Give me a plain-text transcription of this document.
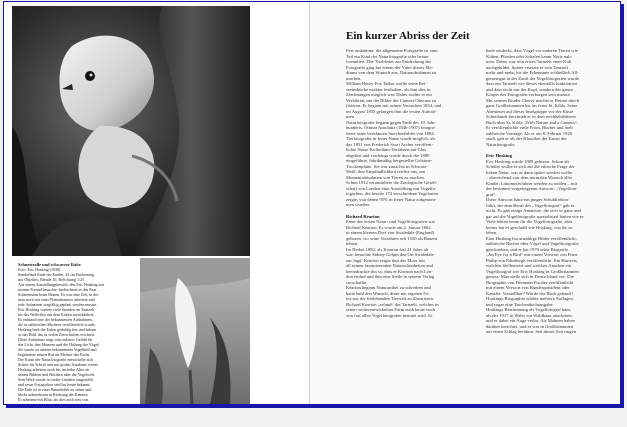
Schneetrolle und schwarzer Rabe
Foto: Eric Hosking (1938)
Sunderland Ende der Knöbe, 22 cm Entfernung
mit Objektiv, Blende 16, Belichtung 1/25
Auf einem Ausstellungsbesuch, den Eric Hosking mit
seinem Freund besuchte, beobachtete er das Paar
Schneeeulen beim Brüten. Es war eine Zeit, in der
man noch mit einer Plattenkamera arbeitete und
jede Aufnahme sorgfältig geplant werden musste.
Eric Hosking wartete viele Stunden im Tarnzelt
bis das Weibchen mit dem Küken zurückkehrte.
Es entstand eine der bekanntesten Aufnahmen,
die in zahlreichen Büchern veröffentlicht wurde.
Hosking hielt die Eulen geduldig fest und bekam
so das Bild, das in vielen Zeitschriften erschien.
Diese Aufnahme zeigt sein sicheres Gefühl für
das Licht, den Moment und die Haltung der Vögel.
Sie wurde zu seinem bekanntesten Vogelbild und
begründete seinen Ruf als Meister des Fachs.
Die Kunst der Naturfotografie entwickelte sich
Schritt für Schritt und mit großer Ausdauer weiter.
Hosking arbeitete noch bis ins hohe Alter an
seinen Bildern und Büchern über die Vogelwelt.
Sein Werk wurde in vielen Ländern ausgestellt,
und seine Fotografien sind bis heute bekannt.
Die Eule ist in einer Baumhöhle zu sehen und
blickt aufmerksam in Richtung der Kamera.
Er arbeitete mit Blitz, als dies noch neu war.
Ein kurzer Abriss der Zeit
Fest umkämmt: die allgemeine Fotografie ist zum
Teil ein Kind der Naturfotografie oder besser
formuliert: Die Triebfeder zur Entdeckung der
Fotografie ging bei einem der Väter dieses Me-
diums von dem Wunsch aus, Naturaufnahmen zu
machen.
William Henry Fox Talbot wollte seine Rei-
seeindrücke exakter festhalten, als ihm dies in
Zeichnungen möglich war. Daher suchte er ein
Verfahren, um die Bilder der Camera Obscura zu
fixieren. Er begann mit seinen Versuchen 1834, und
im August 1835 gelangen ihm die ersten Aufnah-
men.
Naturfotografie begann gegen Ende des 19. Jahr-
hunderts. Ottmar Anschütz (1846-1907) fotogra-
fierte seine berühmten Storchenbilder von 1884.
Tierfotografie in freier Natur wurde möglich, als
das 1851 von Frederick Scott Archer veröffent-
lichte Nasse-Kollodium-Verfahren auf Glas
abgelöst und verdrängt wurde durch die 1880
eingeführte, fabrikmäßig hergestellte Gelatine-
Trockenplatte. Sie war zunächst in Schwarz-
Weiß, ihre Empfindlichkeit reichte aus, um
Momentaufnahmen von Tieren zu machen.
Schon 1912 veranstaltete die Zoologische Gesell-
schaft von London eine Ausstellung mit Vogelfo-
tografien, die bereits 174 verschiedene Vogelarten
zeigte, von denen 95% in freier Natur aufgenom-
men wurden.
Richard Kearton
Einer der ersten Natur- und Vogelfotografen war
Richard Kearton. Er wurde am 2. Januar 1862
in einem kleinen Dorf von Swaledale (England)
geboren, wo seine Vorfahren seit 1550 als Bauern
lebten.
Im Herbst 1882, als Kearton fast 21 Jahre alt
war, besuchte Sidney Gelpin den Ort Swaledale
zur Jagd. Kearton zeigte ihm das Moor mit
all seinen faszinierenden Naturschönheiten und
beeindruckte ihn so, dass er Kearton nach Lon-
don einlud und ihm eine Stelle in seinem Verlag
verschaffte.
Kearton begann Naturartikel zu schreiben und
hatte bald den Wunsch, diese mit eigenen Fo-
tos aus der freilebenden Tierwelt zu illustrieren.
Richard Kearton „erfand“ das Tarnzelt, welches in
seiner weiterentwickelten Form auch heute noch
von fast allen Vogelfotografen benutzt wird. Er
hatte entdeckt, dass Vögel vor anderen Tieren wie
Kühen, Pferden oder Schafen kaum Notiz nah-
men. Daher war sein erstes Tarnzelt einer Kuh
nachgebildet. Später ersetzte er sein Tarnzelt
mehr und mehr, bis die Erkenntnis schließlich All-
gemeingut in der Zunft der Vogelfotografen wurde,
dass ein Tarnzelt wie dieses ebenfalls funktioniert
und dass nicht nur der Kopf, sondern der ganze
Körper des Fotografen verborgen sein musste.
Mit seinem Bruder Cherry machte er Reisen durch
ganz Großbritannien bis ins ferne St. Kilda. Seine
Abenteuer auf dieser Inselgruppe vor der Küste
Schottlands beschrieb er in dem reichbebilderten
Buch über St. Kilda „With Nature and a Camera“.
Er veröffentlichte viele Fotos, Bücher und hielt
zahlreiche Vorträge. Als er am 8. Februar 1928
starb, galt er als der Klassiker der Kunst der
Naturfotografie.
Eric Hosking
Eric Hosking wurde 1909 geboren. Schon als
Schüler wollte er sich auf die ethische Frage der
lieben Natur, was er dann später werden wollte
– abweichend von dem normalen Wunsch aller
Kinder, Lokomotivführer werden zu wollen – mit
der bestimmt vorgetragenen Antwort: „Vogelfoto-
graf“.
Diese Antwort hatte ein junger Schuldirektor
führt, der dem Beruf des „Vogelfotograf“ gab es
nicht. Es gab einige Amateure, die sich so ganz und
gar auf die Vogelfotografie spezialisiert hatten wie er.
Viele lebten heute für die Vogelfotografie, aber
keiner hat es geschafft wie Hosking, von ihr zu
leben.
Eine Hosking hat unzählige Bilder veröffentlicht,
zahlreiche Bücher über Vögel und Vogelfotografie
geschrieben, und er hat 1970 seine Biografie
„An Eye for a Bird“ mit einem Vorwort von Prinz
Philip von Edinburgh veröffentlicht. Ein Hinweis,
welchen Stellenwert und welches Ansehen ein
Vogelfotograf wie Eric Hosking in Großbritannien
genoss. Man stelle sich in Deutschland vor: Die
Biographie von Hermann Fischer veröffentlicht
mit einem Vorwort von Bundespräsident oder
Kanzler. Vorstellbar? Würde das Buch gekauft?
Hoskings Biographie erlebte mehrere Auflagen,
und sogar eine Taschenbuchausgabe.
Hoskings Bestimmung als Vogelfotograf kam,
als der 1917 in Wales ein Waldkauz attackierte,
und er dabei ein Auge verlor. Als Mahnen haben
darüber berichtet, und er war in Großbritannien
auf einen Schlag berühmt. Seit dieser Zeit trugen
